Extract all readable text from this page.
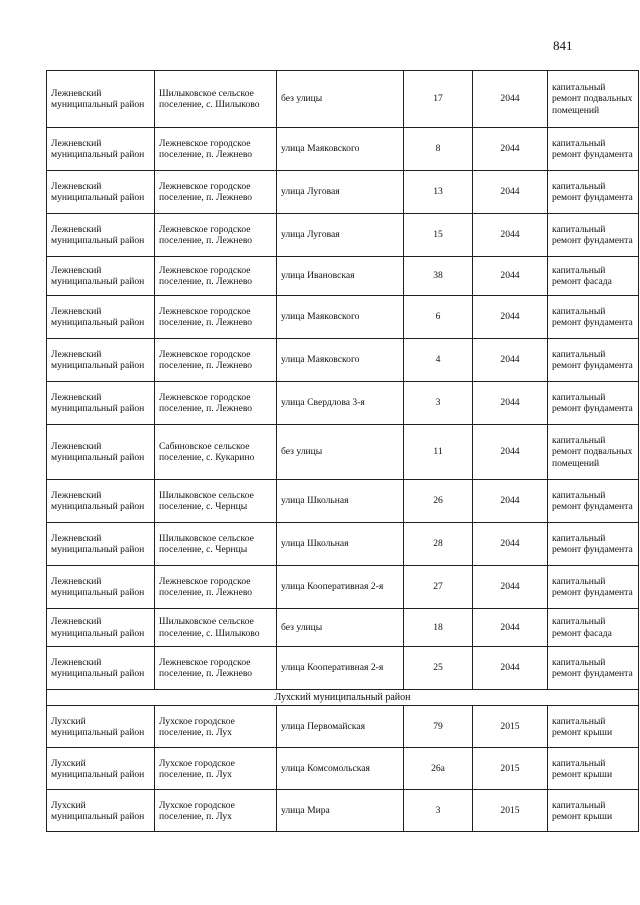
841
Лежневский муниципальный район	Шилыковское сельское поселение, с. Шилыково	без улицы	17	2044	капитальный ремонт подвальных помещений
Лежневский муниципальный район	Лежневское городское поселение, п. Лежнево	улица Маяковского	8	2044	капитальный ремонт фундамента
Лежневский муниципальный район	Лежневское городское поселение, п. Лежнево	улица Луговая	13	2044	капитальный ремонт фундамента
Лежневский муниципальный район	Лежневское городское поселение, п. Лежнево	улица Луговая	15	2044	капитальный ремонт фундамента
Лежневский муниципальный район	Лежневское городское поселение, п. Лежнево	улица Ивановская	38	2044	капитальный ремонт фасада
Лежневский муниципальный район	Лежневское городское поселение, п. Лежнево	улица Маяковского	6	2044	капитальный ремонт фундамента
Лежневский муниципальный район	Лежневское городское поселение, п. Лежнево	улица Маяковского	4	2044	капитальный ремонт фундамента
Лежневский муниципальный район	Лежневское городское поселение, п. Лежнево	улица Свердлова 3-я	3	2044	капитальный ремонт фундамента
Лежневский муниципальный район	Сабиновское сельское поселение, с. Кукарино	без улицы	11	2044	капитальный ремонт подвальных помещений
Лежневский муниципальный район	Шилыковское сельское поселение, с. Чернцы	улица Школьная	26	2044	капитальный ремонт фундамента
Лежневский муниципальный район	Шилыковское сельское поселение, с. Чернцы	улица Школьная	28	2044	капитальный ремонт фундамента
Лежневский муниципальный район	Лежневское городское поселение, п. Лежнево	улица Кооперативная 2-я	27	2044	капитальный ремонт фундамента
Лежневский муниципальный район	Шилыковское сельское поселение, с. Шилыково	без улицы	18	2044	капитальный ремонт фасада
Лежневский муниципальный район	Лежневское городское поселение, п. Лежнево	улица Кооперативная 2-я	25	2044	капитальный ремонт фундамента
Лухский муниципальный район					
Лухский муниципальный район	Лухское городское поселение, п. Лух	улица Первомайская	79	2015	капитальный ремонт крыши
Лухский муниципальный район	Лухское городское поселение, п. Лух	улица Комсомольская	26а	2015	капитальный ремонт крыши
Лухский муниципальный район	Лухское городское поселение, п. Лух	улица Мира	3	2015	капитальный ремонт крыши
